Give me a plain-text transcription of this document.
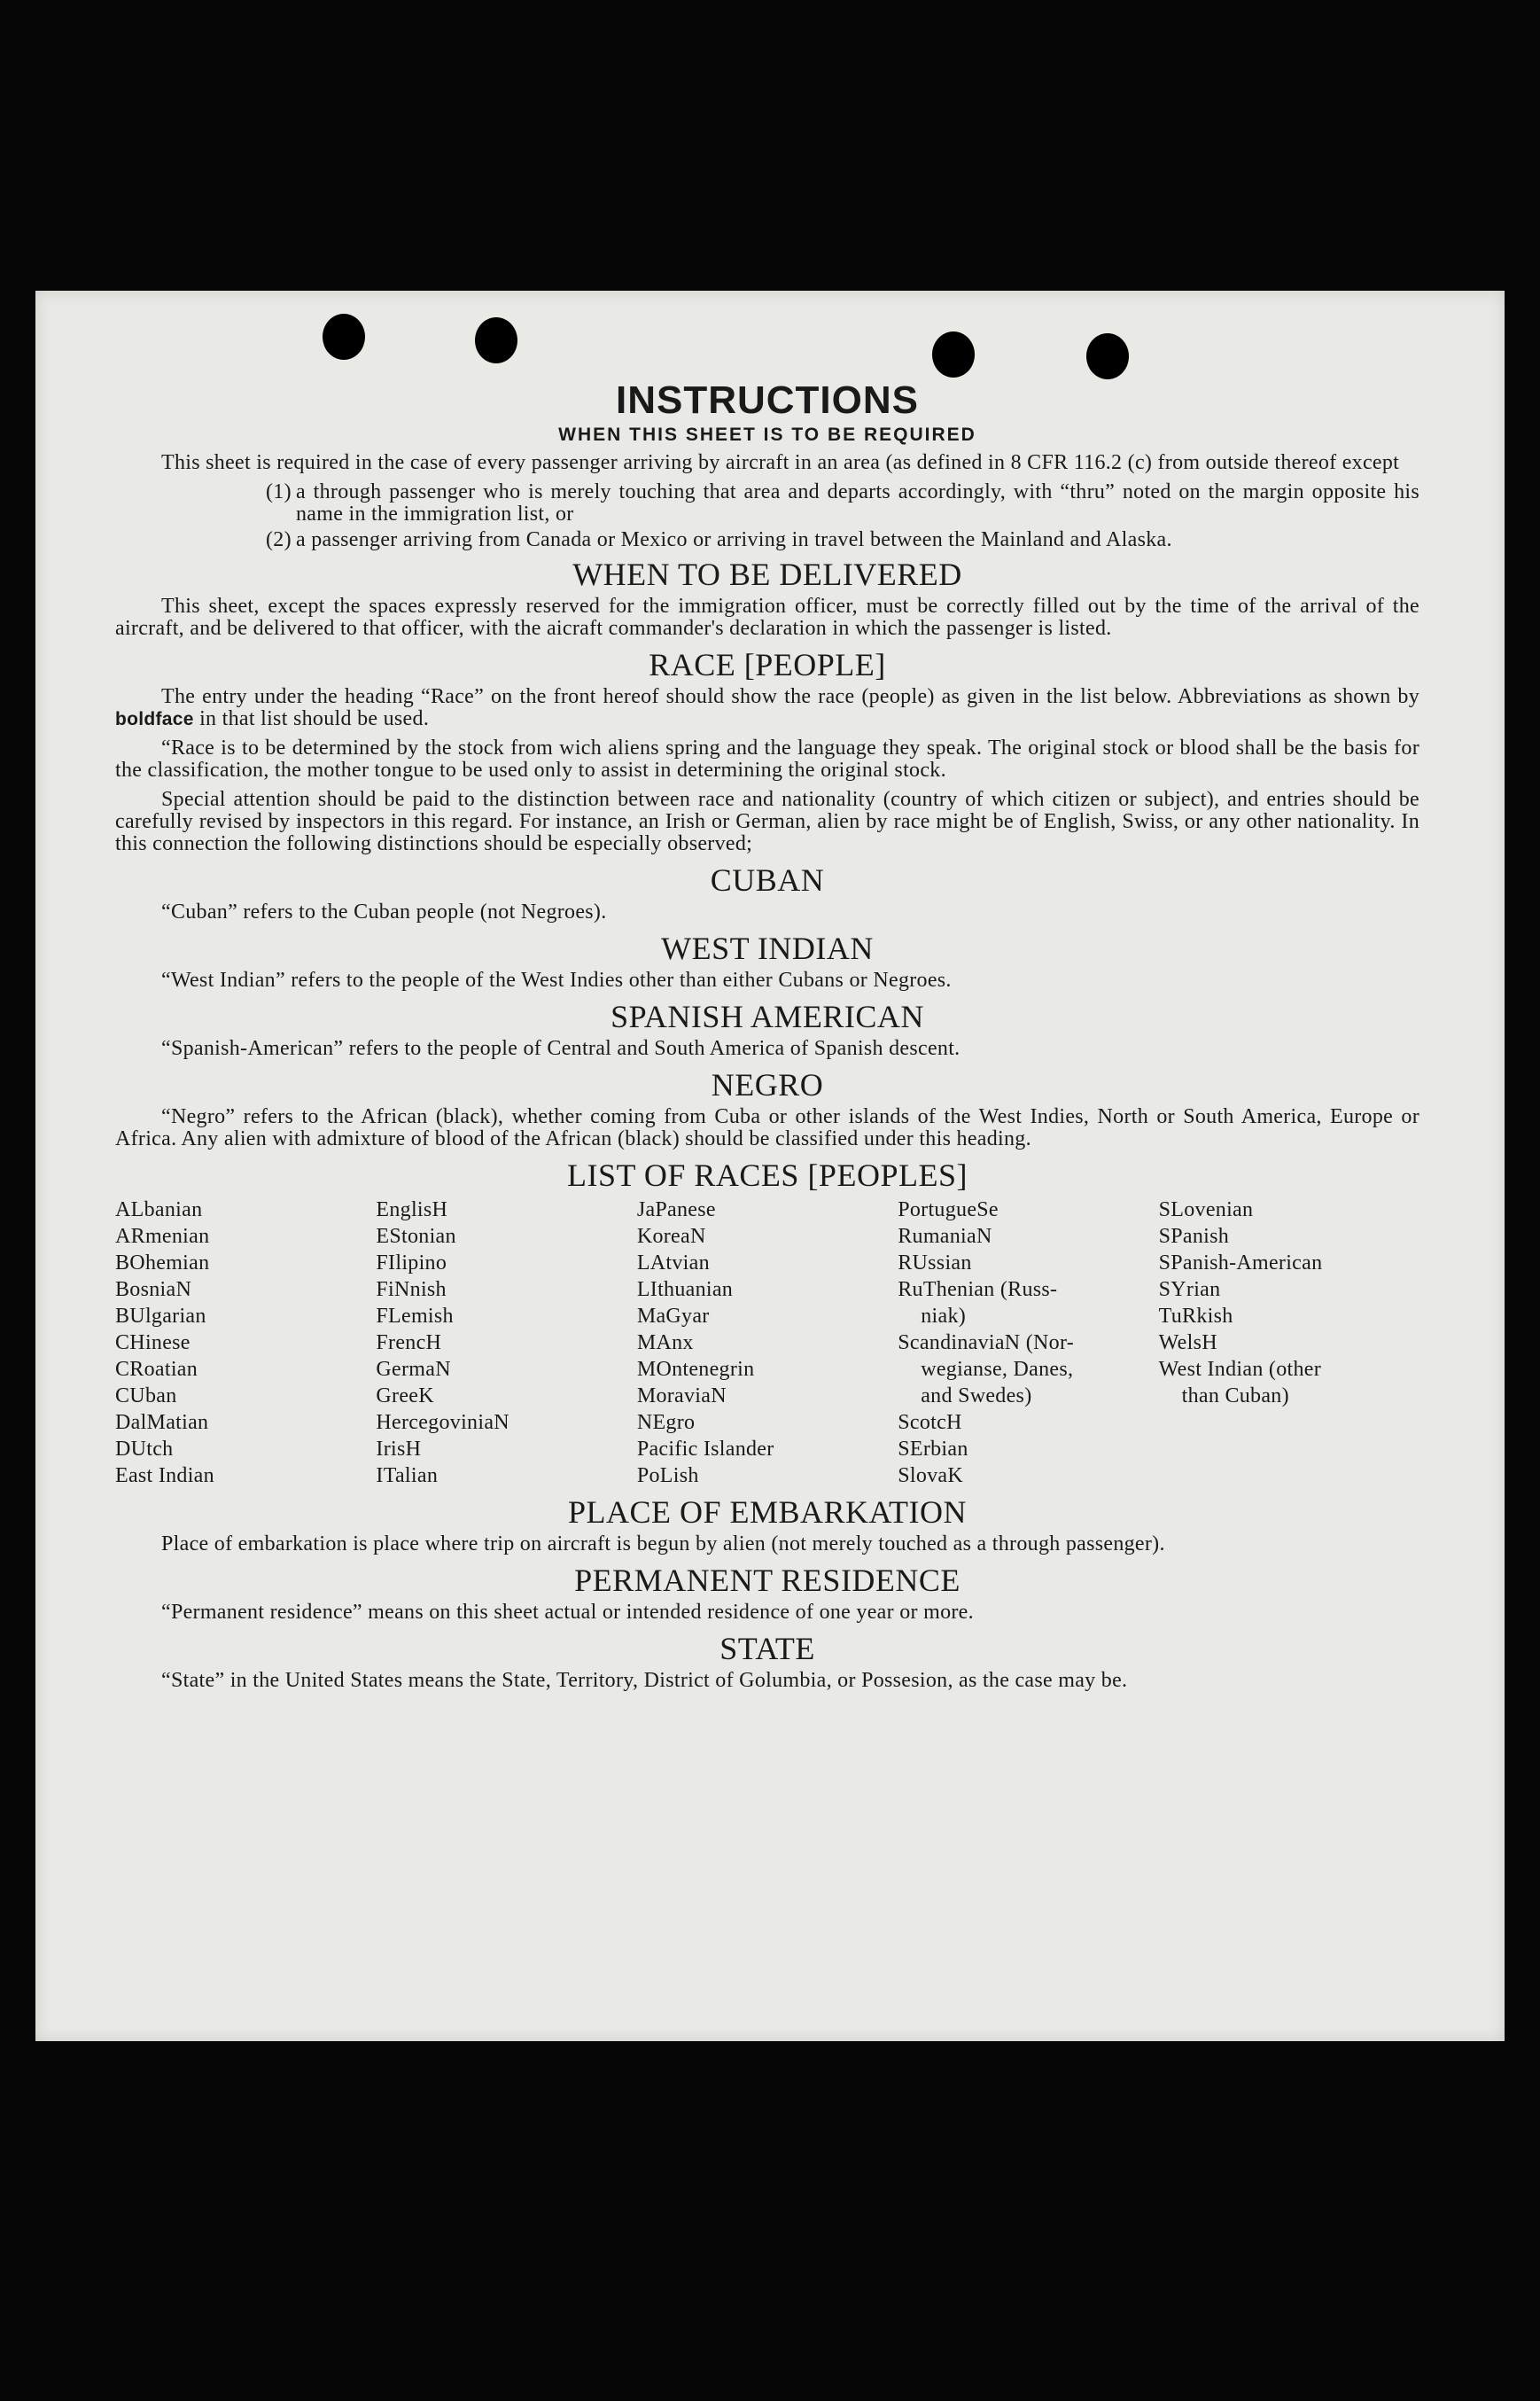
INSTRUCTIONS
WHEN THIS SHEET IS TO BE REQUIRED

This sheet is required in the case of every passenger arriving by aircraft in an area (as defined in 8 CFR 116.2 (c) from outside thereof except

(1) a through passenger who is merely touching that area and departs accordingly, with “thru” noted on the margin opposite his name in the immigration list, or
(2) a passenger arriving from Canada or Mexico or arriving in travel between the Mainland and Alaska.
WHEN TO BE DELIVERED

This sheet, except the spaces expressly reserved for the immigration officer, must be correctly filled out by the time of the arrival of the aircraft, and be delivered to that officer, with the aicraft commander's declaration in which the passenger is listed.

RACE [PEOPLE]

The entry under the heading “Race” on the front hereof should show the race (people) as given in the list below. Abbreviations as shown by boldface in that list should be used.

“Race is to be determined by the stock from wich aliens spring and the language they speak. The original stock or blood shall be the basis for the classification, the mother tongue to be used only to assist in determining the original stock.

Special attention should be paid to the distinction between race and nationality (country of which citizen or subject), and entries should be carefully revised by inspectors in this regard. For instance, an Irish or German, alien by race might be of English, Swiss, or any other nationality. In this connection the following distinctions should be especially observed;

CUBAN

“Cuban” refers to the Cuban people (not Negroes).

WEST INDIAN

“West Indian” refers to the people of the West Indies other than either Cubans or Negroes.

SPANISH AMERICAN

“Spanish-American” refers to the people of Central and South America of Spanish descent.

NEGRO

“Negro” refers to the African (black), whether coming from Cuba or other islands of the West Indies, North or South America, Europe or Africa. Any alien with admixture of blood of the African (black) should be classified under this heading.

LIST OF RACES [PEOPLES]
ALbanian
ARmenian
BOhemian
BosniaN
BUlgarian
CHinese
CRoatian
CUban
DalMatian
DUtch
East Indian
EnglisH
EStonian
FIlipino
FiNnish
FLemish
FrencH
GermaN
GreeK
HercegoviniaN
IrisH
ITalian
JaPanese
KoreaN
LAtvian
LIthuanian
MaGyar
MAnx
MOntenegrin
MoraviaN
NEgro
Pacific Islander
PoLish
PortugueSe
RumaniaN
RUssian
RuThenian (Russ-
niak)
ScandinaviaN (Nor-
wegianse, Danes,
and Swedes)
ScotcH
SErbian
SlovaK
SLovenian
SPanish
SPanish-American
SYrian
TuRkish
WelsH
West Indian (other
than Cuban)
PLACE OF EMBARKATION

Place of embarkation is place where trip on aircraft is begun by alien (not merely touched as a through passenger).

PERMANENT RESIDENCE

“Permanent residence” means on this sheet actual or intended residence of one year or more.

STATE

“State” in the United States means the State, Territory, District of Golumbia, or Possesion, as the case may be.
